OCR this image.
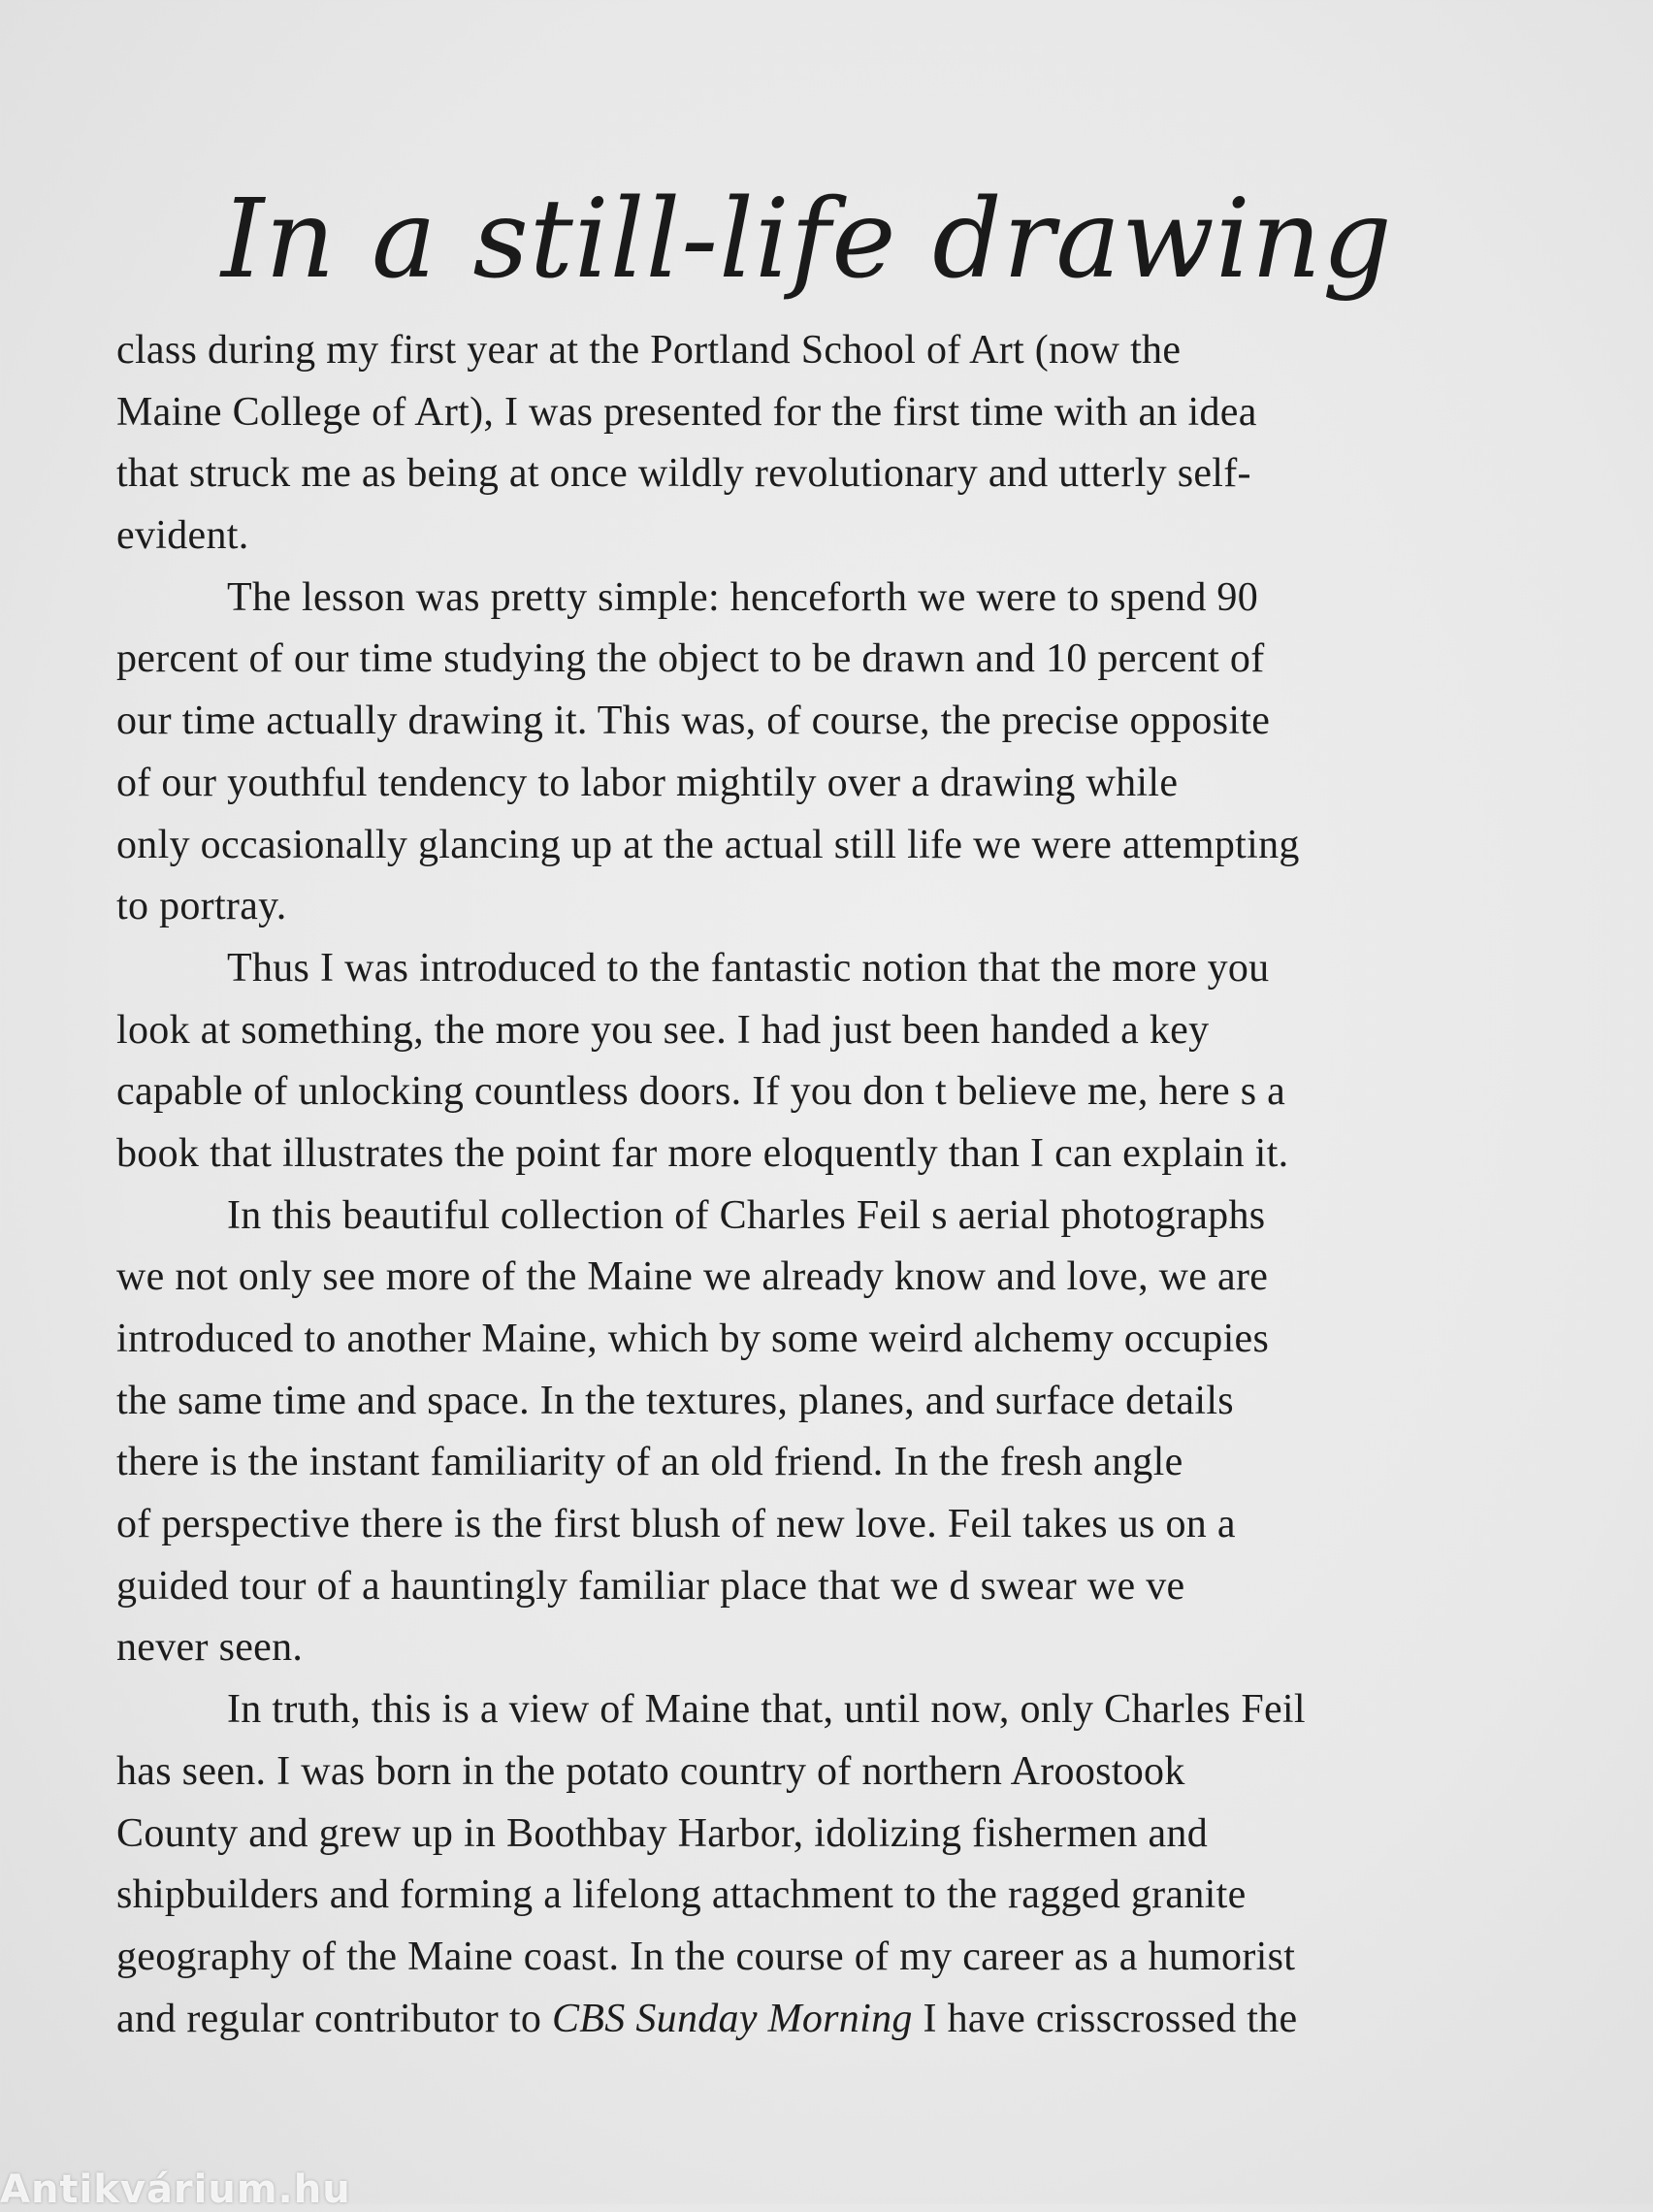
In a still-life drawing
class during my first year at the Portland School of Art (now the
Maine College of Art), I was presented for the first time with an idea
that struck me as being at once wildly revolutionary and utterly self-
evident.
The lesson was pretty simple: henceforth we were to spend 90
percent of our time studying the object to be drawn and 10 percent of
our time actually drawing it. This was, of course, the precise opposite
of our youthful tendency to labor mightily over a drawing while
only occasionally glancing up at the actual still life we were attempting
to portray.
Thus I was introduced to the fantastic notion that the more you
look at something, the more you see. I had just been handed a key
capable of unlocking countless doors. If you don t believe me, here s a
book that illustrates the point far more eloquently than I can explain it.
In this beautiful collection of Charles Feil s aerial photographs
we not only see more of the Maine we already know and love, we are
introduced to another Maine, which by some weird alchemy occupies
the same time and space. In the textures, planes, and surface details
there is the instant familiarity of an old friend. In the fresh angle
of perspective there is the first blush of new love. Feil takes us on a
guided tour of a hauntingly familiar place that we d swear we ve
never seen.
In truth, this is a view of Maine that, until now, only Charles Feil
has seen. I was born in the potato country of northern Aroostook
County and grew up in Boothbay Harbor, idolizing fishermen and
shipbuilders and forming a lifelong attachment to the ragged granite
geography of the Maine coast. In the course of my career as a humorist
and regular contributor to CBS Sunday Morning I have crisscrossed the
Antikvárium.hu
